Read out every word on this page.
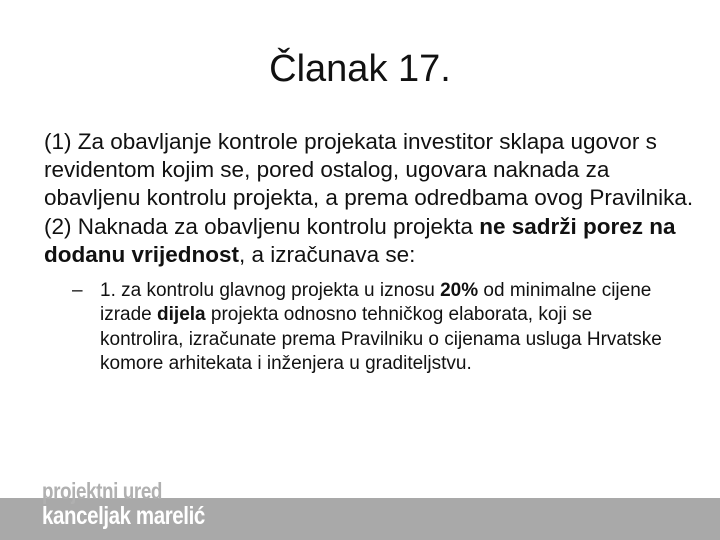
Članak 17.

(1) Za obavljanje kontrole projekata investitor sklapa ugovor s revidentom kojim se, pored ostalog, ugovara naknada za obavljenu kontrolu projekta, a prema odredbama ovog Pravilnika.

(2) Naknada za obavljenu kontrolu projekta ne sadrži porez na dodanu vrijednost, a izračunava se:

– 1. za kontrolu glavnog projekta u iznosu 20% od minimalne cijene izrade dijela projekta odnosno tehničkog elaborata, koji se kontrolira, izračunate prema Pravilniku o cijenama usluga Hrvatske komore arhitekata i inženjera u graditeljstvu.
projektni ured
kanceljak marelić
